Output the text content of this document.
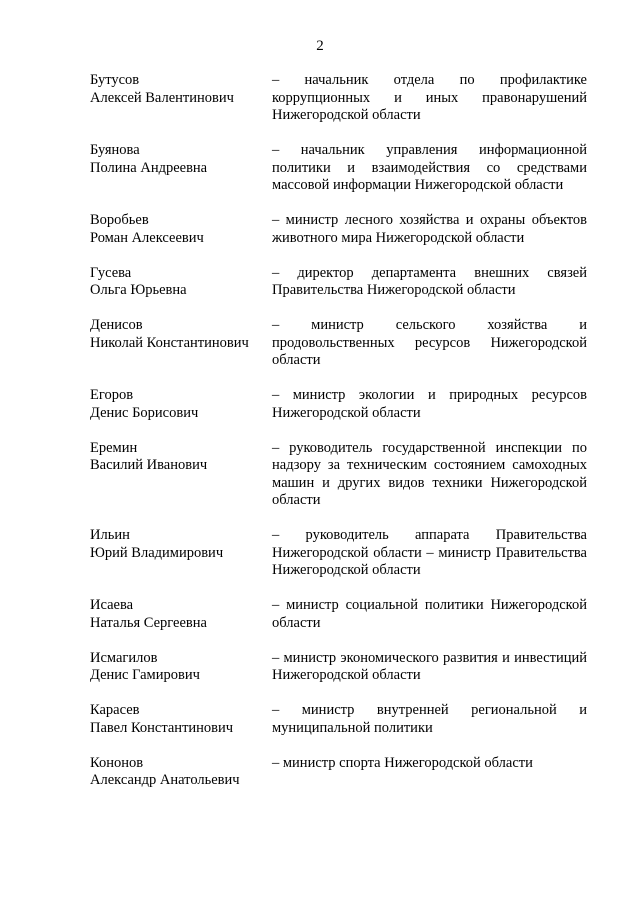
2
Бутусов
Алексей Валентинович
– начальник отдела по профилактике коррупционных и иных правонарушений Нижегородской области
Буянова
Полина Андреевна
– начальник управления информационной политики и взаимодействия со средствами массовой информации Нижегородской области
Воробьев
Роман Алексеевич
– министр лесного хозяйства и охраны объектов животного мира Нижегородской области
Гусева
Ольга Юрьевна
– директор департамента внешних связей Правительства Нижегородской области
Денисов
Николай Константинович
– министр сельского хозяйства и продовольственных ресурсов Нижегородской области
Егоров
Денис Борисович
– министр экологии и природных ресурсов Нижегородской области
Еремин
Василий Иванович
– руководитель государственной инспекции по надзору за техническим состоянием самоходных машин и других видов техники Нижегородской области
Ильин
Юрий Владимирович
– руководитель аппарата Правительства Нижегородской области – министр Правительства Нижегородской области
Исаева
Наталья Сергеевна
– министр социальной политики Нижегородской области
Исмагилов
Денис Гамирович
– министр экономического развития и инвестиций Нижегородской области
Карасев
Павел Константинович
– министр внутренней региональной и муниципальной политики
Кононов
Александр Анатольевич
– министр спорта Нижегородской области
